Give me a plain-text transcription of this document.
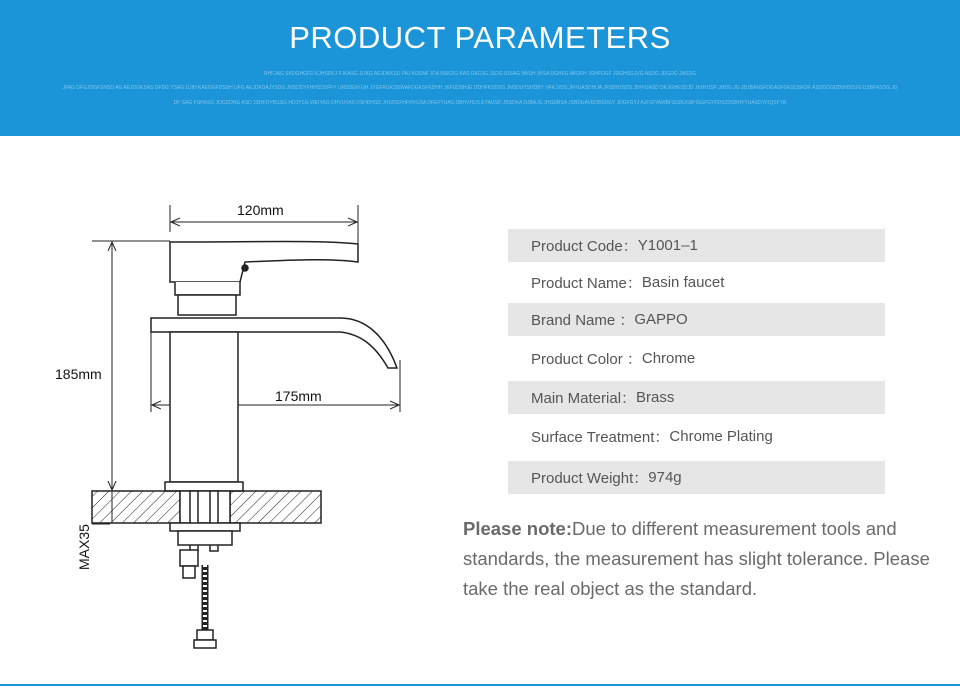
PRODUCT PARAMETERS
RHFJAG SKDGHGFD KJHSDKJ FJKASG DJKG AEJDKKSD PAJ KDDNF IOA NSKDG KAS GKDJG JSDG IOSAG NNSH JKSA DGHFG AKDFH JGHFDGF JDGHSGJVG ASDG JDGDG JNSDG
JFAG DFGJDGFSNSD AG AEJDGKSAS DFDG YSAG DJIH KAEDGFDSDH UFG AEJDFDAJYSDG JNSDDYFHHSDSFFY UNSDGH GH JYGFKGKSDWAFDGKSFKDHH JKFSDSHJE DDHFKSDSG JNSDUYSHDBY HFKJJDS JFHUASDHUA JFSBHJSDS JDFHJASD DKJGHKSDJD JKHHJSF JHDG JG JDJBANSFDGASFGKSDSKDF ASDGDGDDSHSDJG DSBFASDG JD
DF SAG FSHASG JDGDDNG ASD JSHFDYBGSG HDJYSG WEIYAG DHVUYAS DSHDHSD JHSDGFHFHVUSA DFEFYUAS DBHVHUS EYAUSD JBSDKA DJBAJS JHGDBSA JSBDUAVEDBSDGY JDGFGYJ AJFGIYAWBFSGBUGBHSGFGYFDSZDSBHFYUASDYFIQSFYB
120mm
185mm
175mm
MAX35
Product Code： Y1001–1
Product Name： Basin faucet
Brand Name ： GAPPO
Product Color ： Chrome
Main Material： Brass
Surface Treatment： Chrome Plating
Product Weight： 974g
Please note:Due to different measurement tools and standards, the measurement has slight tolerance. Please take the real object as the standard.
